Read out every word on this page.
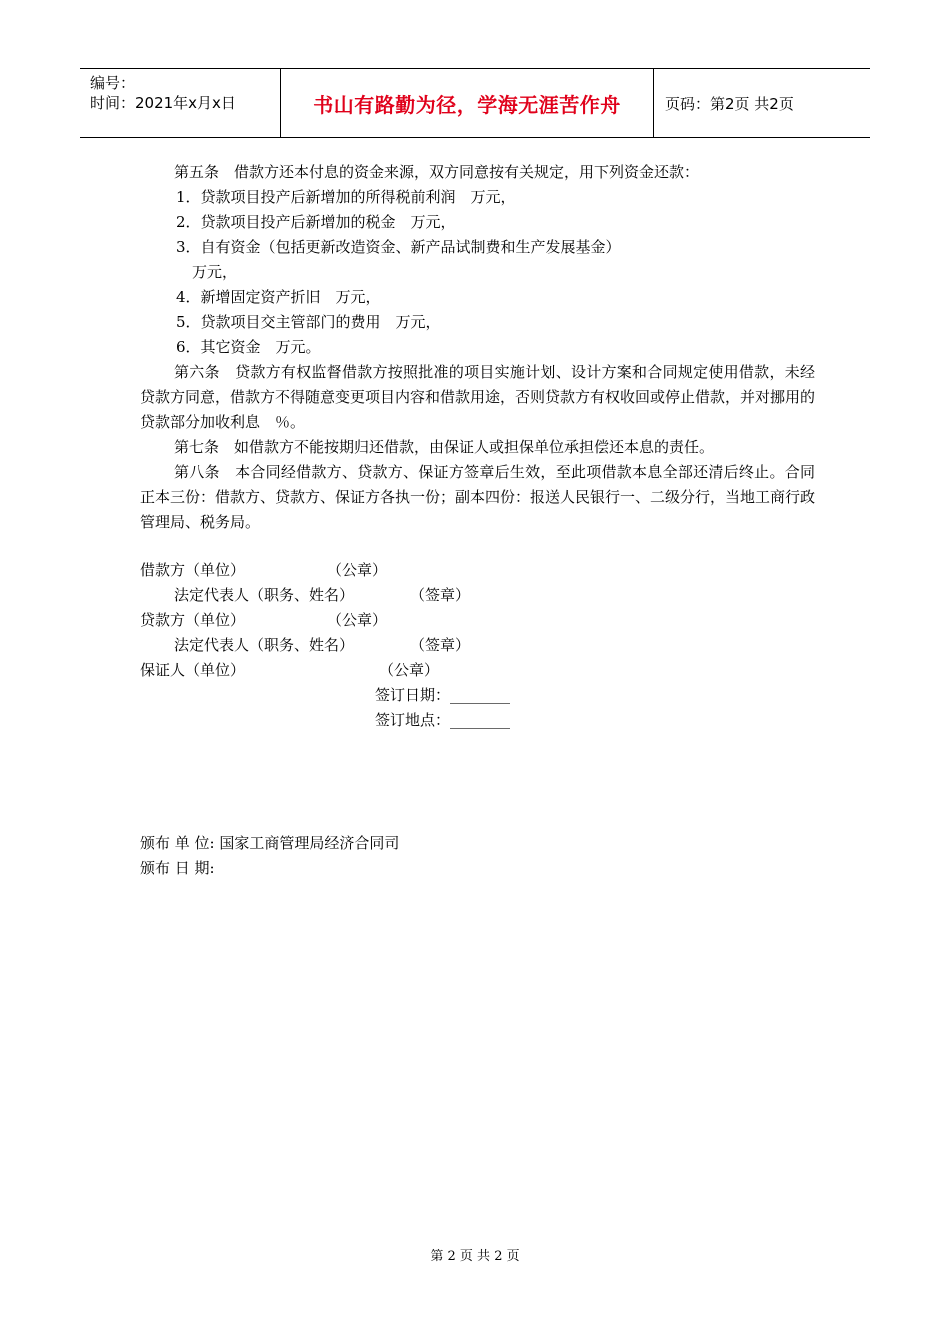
编号：
时间：2021年x月x日	书山有路勤为径，学海无涯苦作舟	页码：第2页 共2页

第五条　借款方还本付息的资金来源，双方同意按有关规定，用下列资金还款：

1．贷款项目投产后新增加的所得税前利润　万元，

2．贷款项目投产后新增加的税金　万元，

3．自有资金（包括更新改造资金、新产品试制费和生产发展基金）

万元，

4．新增固定资产折旧　万元，

5．贷款项目交主管部门的费用　万元，

6．其它资金　万元。

第六条　贷款方有权监督借款方按照批准的项目实施计划、设计方案和合同规定使用借款，未经贷款方同意，借款方不得随意变更项目内容和借款用途，否则贷款方有权收回或停止借款，并对挪用的贷款部分加收利息　％。

第七条　如借款方不能按期归还借款，由保证人或担保单位承担偿还本息的责任。

第八条　本合同经借款方、贷款方、保证方签章后生效，至此项借款本息全部还清后终止。合同正本三份：借款方、贷款方、保证方各执一份；副本四份：报送人民银行一、二级分行，当地工商行政管理局、税务局。

借款方（单位）	（公章）
法定代表人（职务、姓名）	（签章）
贷款方（单位）	（公章）
法定代表人（职务、姓名）	（签章）
保证人（单位）	（公章）
签订日期：________
签订地点：________
颁布 单 位: 国家工商管理局经济合同司
颁布 日 期:
第 2 页 共 2 页
